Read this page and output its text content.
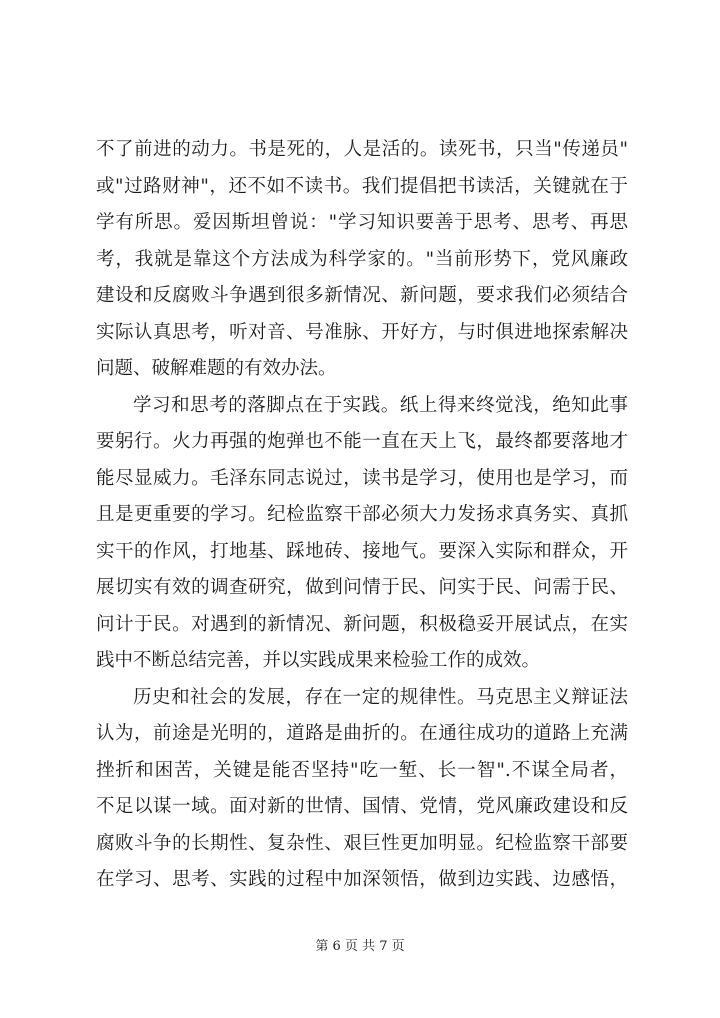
不了前进的动力。书是死的，人是活的。读死书，只当"传递员"
或"过路财神"，还不如不读书。我们提倡把书读活，关键就在于
学有所思。爱因斯坦曾说："学习知识要善于思考、思考、再思
考，我就是靠这个方法成为科学家的。"当前形势下，党风廉政
建设和反腐败斗争遇到很多新情况、新问题，要求我们必须结合
实际认真思考，听对音、号准脉、开好方，与时俱进地探索解决
问题、破解难题的有效办法。
学习和思考的落脚点在于实践。纸上得来终觉浅，绝知此事
要躬行。火力再强的炮弹也不能一直在天上飞，最终都要落地才
能尽显威力。毛泽东同志说过，读书是学习，使用也是学习，而
且是更重要的学习。纪检监察干部必须大力发扬求真务实、真抓
实干的作风，打地基、踩地砖、接地气。要深入实际和群众，开
展切实有效的调查研究，做到问情于民、问实于民、问需于民、
问计于民。对遇到的新情况、新问题，积极稳妥开展试点，在实
践中不断总结完善，并以实践成果来检验工作的成效。
历史和社会的发展，存在一定的规律性。马克思主义辩证法
认为，前途是光明的，道路是曲折的。在通往成功的道路上充满
挫折和困苦，关键是能否坚持"吃一堑、长一智".不谋全局者，
不足以谋一域。面对新的世情、国情、党情，党风廉政建设和反
腐败斗争的长期性、复杂性、艰巨性更加明显。纪检监察干部要
在学习、思考、实践的过程中加深领悟，做到边实践、边感悟，
第 6 页 共 7 页
